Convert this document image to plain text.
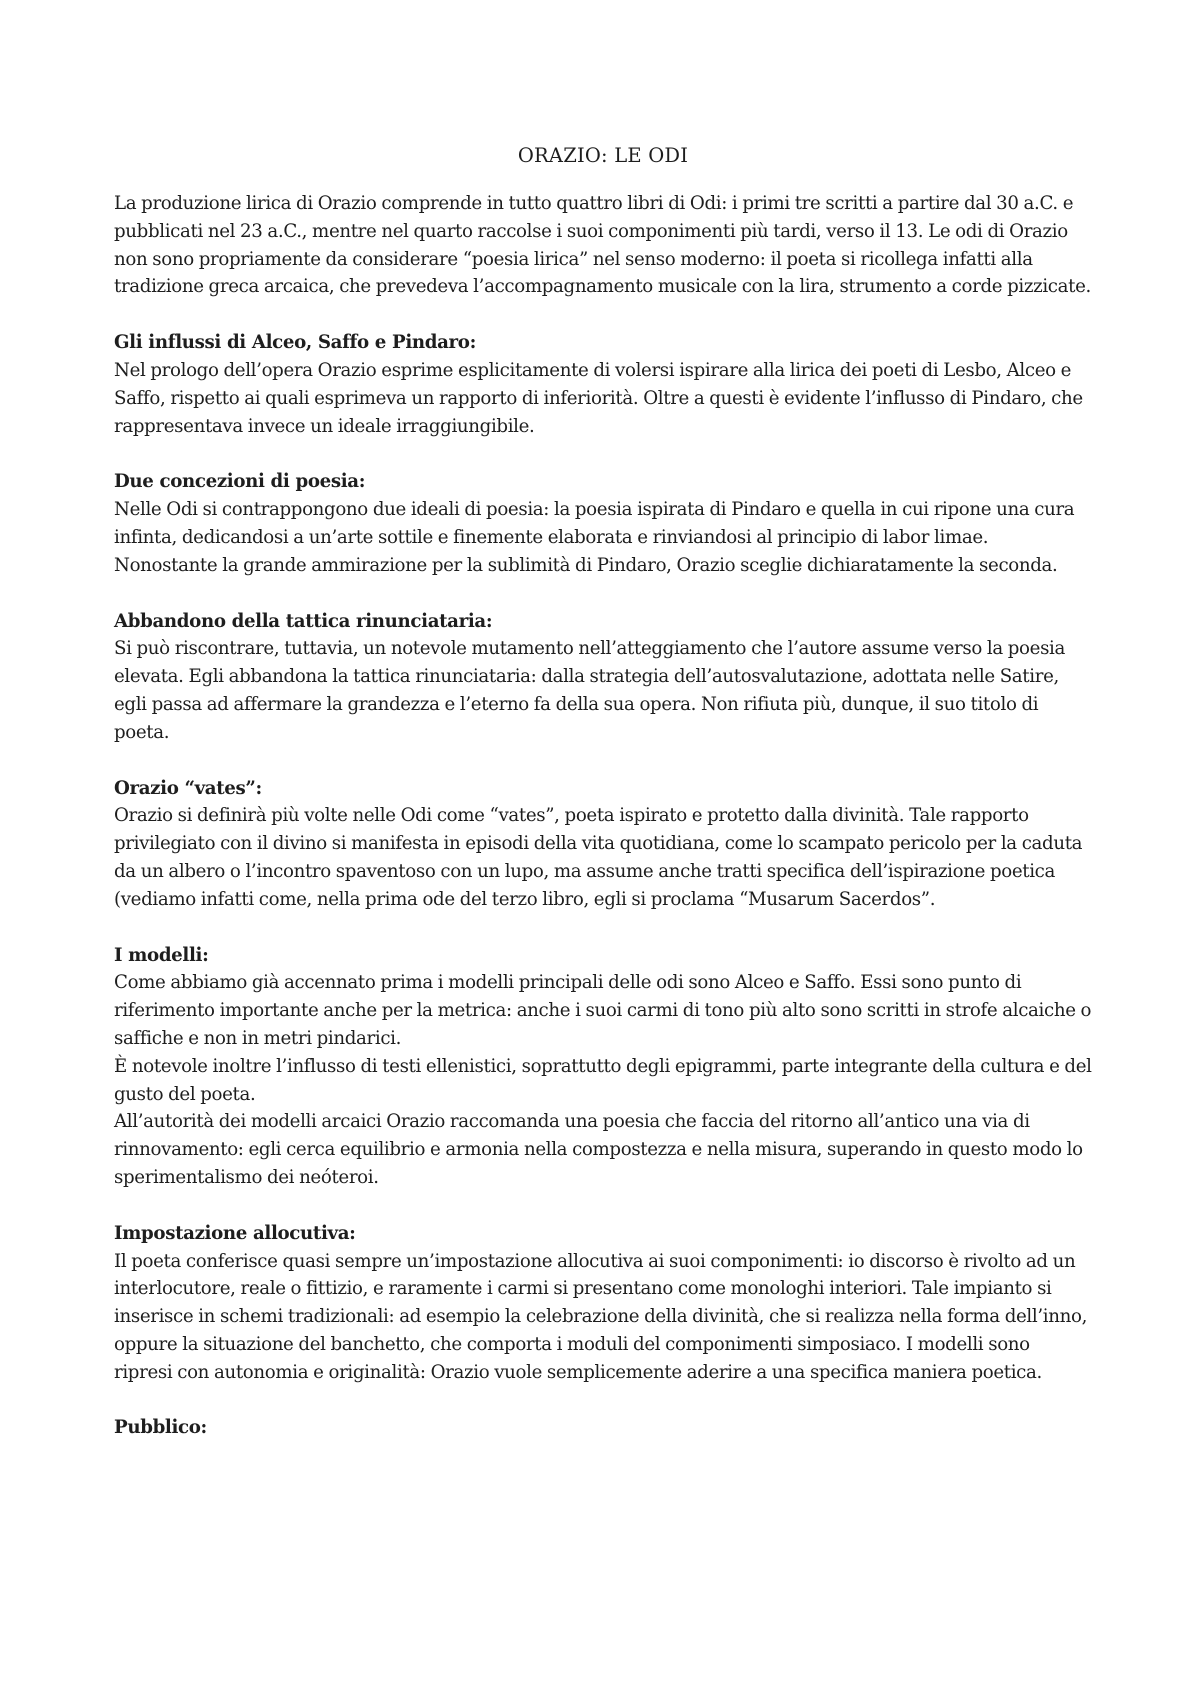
ORAZIO: LE ODI

La produzione lirica di Orazio comprende in tutto quattro libri di Odi: i primi tre scritti a partire dal 30 a.C. e pubblicati nel 23 a.C., mentre nel quarto raccolse i suoi componimenti più tardi, verso il 13. Le odi di Orazio non sono propriamente da considerare “poesia lirica” nel senso moderno: il poeta si ricollega infatti alla tradizione greca arcaica, che prevedeva l’accompagnamento musicale con la lira, strumento a corde pizzicate.

Gli influssi di Alceo, Saffo e Pindaro:

Nel prologo dell’opera Orazio esprime esplicitamente di volersi ispirare alla lirica dei poeti di Lesbo, Alceo e Saffo, rispetto ai quali esprimeva un rapporto di inferiorità. Oltre a questi è evidente l’influsso di Pindaro, che rappresentava invece un ideale irraggiungibile.

Due concezioni di poesia:

Nelle Odi si contrappongono due ideali di poesia: la poesia ispirata di Pindaro e quella in cui ripone una cura infinta, dedicandosi a un’arte sottile e finemente elaborata e rinviandosi al principio di labor limae. Nonostante la grande ammirazione per la sublimità di Pindaro, Orazio sceglie dichiaratamente la seconda.

Abbandono della tattica rinunciataria:

Si può riscontrare, tuttavia, un notevole mutamento nell’atteggiamento che l’autore assume verso la poesia elevata. Egli abbandona la tattica rinunciataria: dalla strategia dell’autosvalutazione, adottata nelle Satire, egli passa ad affermare la grandezza e l’eterno fa della sua opera. Non rifiuta più, dunque, il suo titolo di poeta.

Orazio “vates”:

Orazio si definirà più volte nelle Odi come “vates”, poeta ispirato e protetto dalla divinità. Tale rapporto privilegiato con il divino si manifesta in episodi della vita quotidiana, come lo scampato pericolo per la caduta da un albero o l’incontro spaventoso con un lupo, ma assume anche tratti specifica dell’ispirazione poetica (vediamo infatti come, nella prima ode del terzo libro, egli si proclama “Musarum Sacerdos”.

I modelli:

Come abbiamo già accennato prima i modelli principali delle odi sono Alceo e Saffo. Essi sono punto di riferimento importante anche per la metrica: anche i suoi carmi di tono più alto sono scritti in strofe alcaiche o saffiche e non in metri pindarici.

È notevole inoltre l’influsso di testi ellenistici, soprattutto degli epigrammi, parte integrante della cultura e del gusto del poeta.

All’autorità dei modelli arcaici Orazio raccomanda una poesia che faccia del ritorno all’antico una via di rinnovamento: egli cerca equilibrio e armonia nella compostezza e nella misura, superando in questo modo lo sperimentalismo dei neóteroi.

Impostazione allocutiva:

Il poeta conferisce quasi sempre un’impostazione allocutiva ai suoi componimenti: io discorso è rivolto ad un interlocutore, reale o fittizio, e raramente i carmi si presentano come monologhi interiori. Tale impianto si inserisce in schemi tradizionali: ad esempio la celebrazione della divinità, che si realizza nella forma dell’inno, oppure la situazione del banchetto, che comporta i moduli del componimenti simposiaco. I modelli sono ripresi con autonomia e originalità: Orazio vuole semplicemente aderire a una specifica maniera poetica.

Pubblico:
